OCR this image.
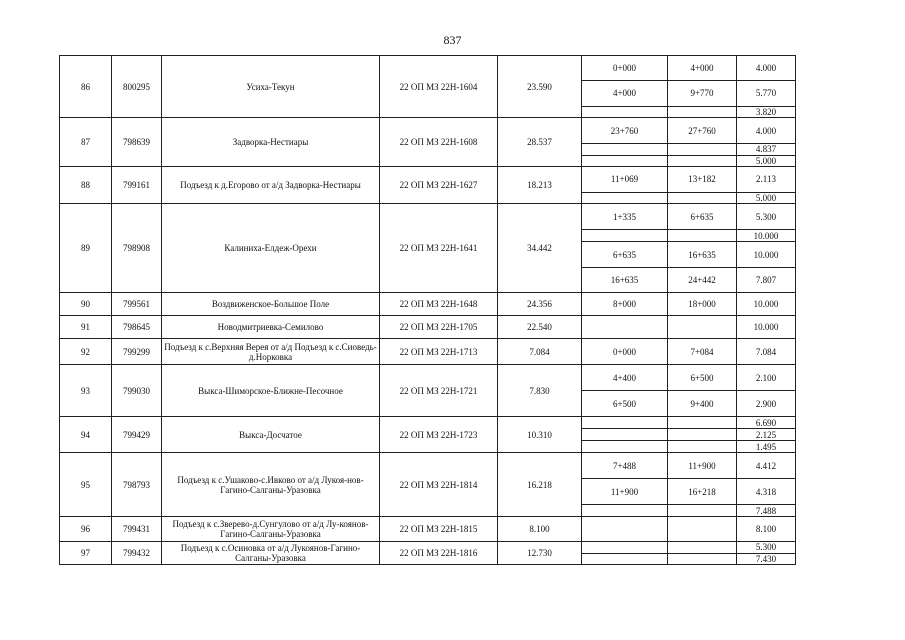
837
86	800295	Усиха-Текун	22 ОП МЗ 22Н-1604	23.590	0+000	4+000	4.000
					4+000	9+770	5.770
							3.820
87	798639	Задворка-Нестиары	22 ОП МЗ 22Н-1608	28.537	23+760	27+760	4.000
							4.837
							5.000
88	799161	Подъезд к д.Егорово от а/д Задворка-Нестиары	22 ОП МЗ 22Н-1627	18.213	11+069	13+182	2.113
							5.000
89	798908	Калиниха-Елдеж-Орехи	22 ОП МЗ 22Н-1641	34.442	1+335	6+635	5.300
							10.000
					6+635	16+635	10.000
					16+635	24+442	7.807
90	799561	Воздвиженское-Большое Поле	22 ОП МЗ 22Н-1648	24.356	8+000	18+000	10.000
91	798645	Новодмитриевка-Семилово	22 ОП МЗ 22Н-1705	22.540			10.000
92	799299	Подъезд к с.Верхняя Верея от а/д Подъезд к с.Сиоведь-д.Норковка	22 ОП МЗ 22Н-1713	7.084	0+000	7+084	7.084
93	799030	Выкса-Шиморское-Ближне-Песочное	22 ОП МЗ 22Н-1721	7.830	4+400	6+500	2.100
					6+500	9+400	2.900
94	799429	Выкса-Досчатое	22 ОП МЗ 22Н-1723	10.310			6.690
							2.125
							1.495
95	798793	Подъезд к с.Ушаково-с.Ивково от а/д Лукоя-нов-Гагино-Салганы-Уразовка	22 ОП МЗ 22Н-1814	16.218	7+488	11+900	4.412
					11+900	16+218	4.318
							7.488
96	799431	Подъезд к с.Зверево-д.Сунгулово от а/д Лу-коянов-Гагино-Салганы-Уразовка	22 ОП МЗ 22Н-1815	8.100			8.100
97	799432	Подъезд к с.Осиновка от а/д Лукоянов-Гагино-Салганы-Уразовка	22 ОП МЗ 22Н-1816	12.730			5.300
							7.430
